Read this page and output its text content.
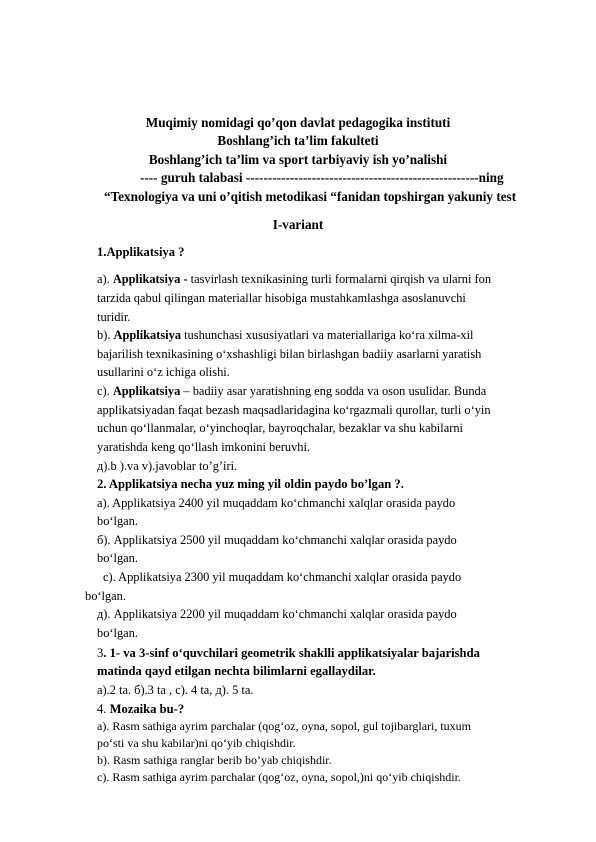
Muqimiy nomidagi qo’qon davlat pedagogika instituti
Boshlang’ich ta’lim fakulteti
Boshlang’ich ta’lim va sport tarbiyaviy ish yo’nalishi
---- guruh talabasi -----------------------------------------------------ning
“Texnologiya va uni o’qitish metodikasi “fanidan topshirgan yakuniy test
I-variant
1.Applikatsiya ?
a). Applikatsiya - tasvirlash texnikasining turli formalarni qirqish va ularni fon
tarzida qabul qilingan materiallar hisobiga mustahkamlashga asoslanuvchi
turidir.
b). Applikatsiya tushunchasi xususiyatlari va materiallariga ko‘ra xilma-xil
bajarilish texnikasining o‘xshashligi bilan birlashgan badiiy asarlarni yaratish
usullarini o‘z ichiga olishi.
c). Applikatsiya – badiiy asar yaratishning eng sodda va oson usulidar. Bunda
applikatsiyadan faqat bezash maqsadlaridagina ko‘rgazmali qurollar, turli o‘yin
uchun qo‘llanmalar, o‘yinchoqlar, bayroqchalar, bezaklar va shu kabilarni
yaratishda keng qo‘llash imkonini beruvhi.
д).b ).va v).javoblar to’g’iri.
2. Applikatsiya necha yuz ming yil oldin paydo bo’lgan ?.
a). Applikatsiya 2400 yil muqaddam ko‘chmanchi xalqlar orasida paydo
bo‘lgan.
б). Applikatsiya 2500 yil muqaddam ko‘chmanchi xalqlar orasida paydo
bo‘lgan.
c). Applikatsiya 2300 yil muqaddam ko‘chmanchi xalqlar orasida paydo
bo‘lgan.
д). Applikatsiya 2200 yil muqaddam ko‘chmanchi xalqlar orasida paydo
bo‘lgan.
3. 1- va 3-sinf o‘quvchilari geometrik shaklli applikatsiyalar bajarishda
matinda qayd etilgan nechta bilimlarni egallaydilar.
a).2 ta. б).3 ta , c). 4 ta, д). 5 ta.
4. Mozaika bu-?
a). Rasm sathiga ayrim parchalar (qog‘oz, oyna, sopol, gul tojibarglari, tuxum
po‘sti va shu kabilar)ni qo‘yib chiqishdir.
b). Rasm sathiga ranglar berib bo’yab chiqishdir.
c). Rasm sathiga ayrim parchalar (qog‘oz, oyna, sopol,)ni qo‘yib chiqishdir.
